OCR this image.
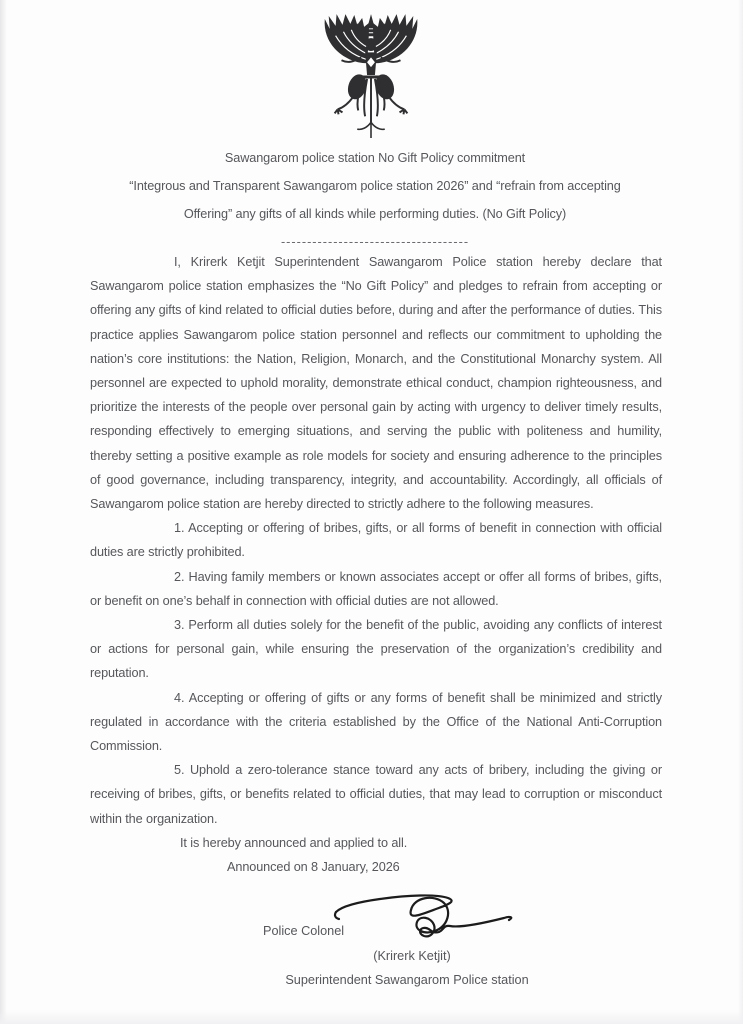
Sawangarom police station No Gift Policy commitment
“Integrous and Transparent Sawangarom police station 2026” and “refrain from accepting
Offering” any gifts of all kinds while performing duties. (No Gift Policy)
------------------------------------

I, Krirerk Ketjit Superintendent Sawangarom Police station hereby declare that Sawangarom police station emphasizes the “No Gift Policy” and pledges to refrain from accepting or offering any gifts of kind related to official duties before, during and after the performance of duties. This practice applies Sawangarom police station personnel and reflects our commitment to upholding the nation’s core institutions: the Nation, Religion, Monarch, and the Constitutional Monarchy system. All personnel are expected to uphold morality, demonstrate ethical conduct, champion righteousness, and prioritize the interests of the people over personal gain by acting with urgency to deliver timely results, responding effectively to emerging situations, and serving the public with politeness and humility, thereby setting a positive example as role models for society and ensuring adherence to the principles of good governance, including transparency, integrity, and accountability. Accordingly, all officials of Sawangarom police station are hereby directed to strictly adhere to the following measures.

1. Accepting or offering of bribes, gifts, or all forms of benefit in connection with official duties are strictly prohibited.

2. Having family members or known associates accept or offer all forms of bribes, gifts, or benefit on one’s behalf in connection with official duties are not allowed.

3. Perform all duties solely for the benefit of the public, avoiding any conflicts of interest or actions for personal gain, while ensuring the preservation of the organization’s credibility and reputation.

4. Accepting or offering of gifts or any forms of benefit shall be minimized and strictly regulated in accordance with the criteria established by the Office of the National Anti-Corruption Commission.

5. Uphold a zero-tolerance stance toward any acts of bribery, including the giving or receiving of bribes, gifts, or benefits related to official duties, that may lead to corruption or misconduct within the organization.

It is hereby announced and applied to all.

Announced on 8 January, 2026

Police Colonel
(Krirerk Ketjit)
Superintendent Sawangarom Police station
